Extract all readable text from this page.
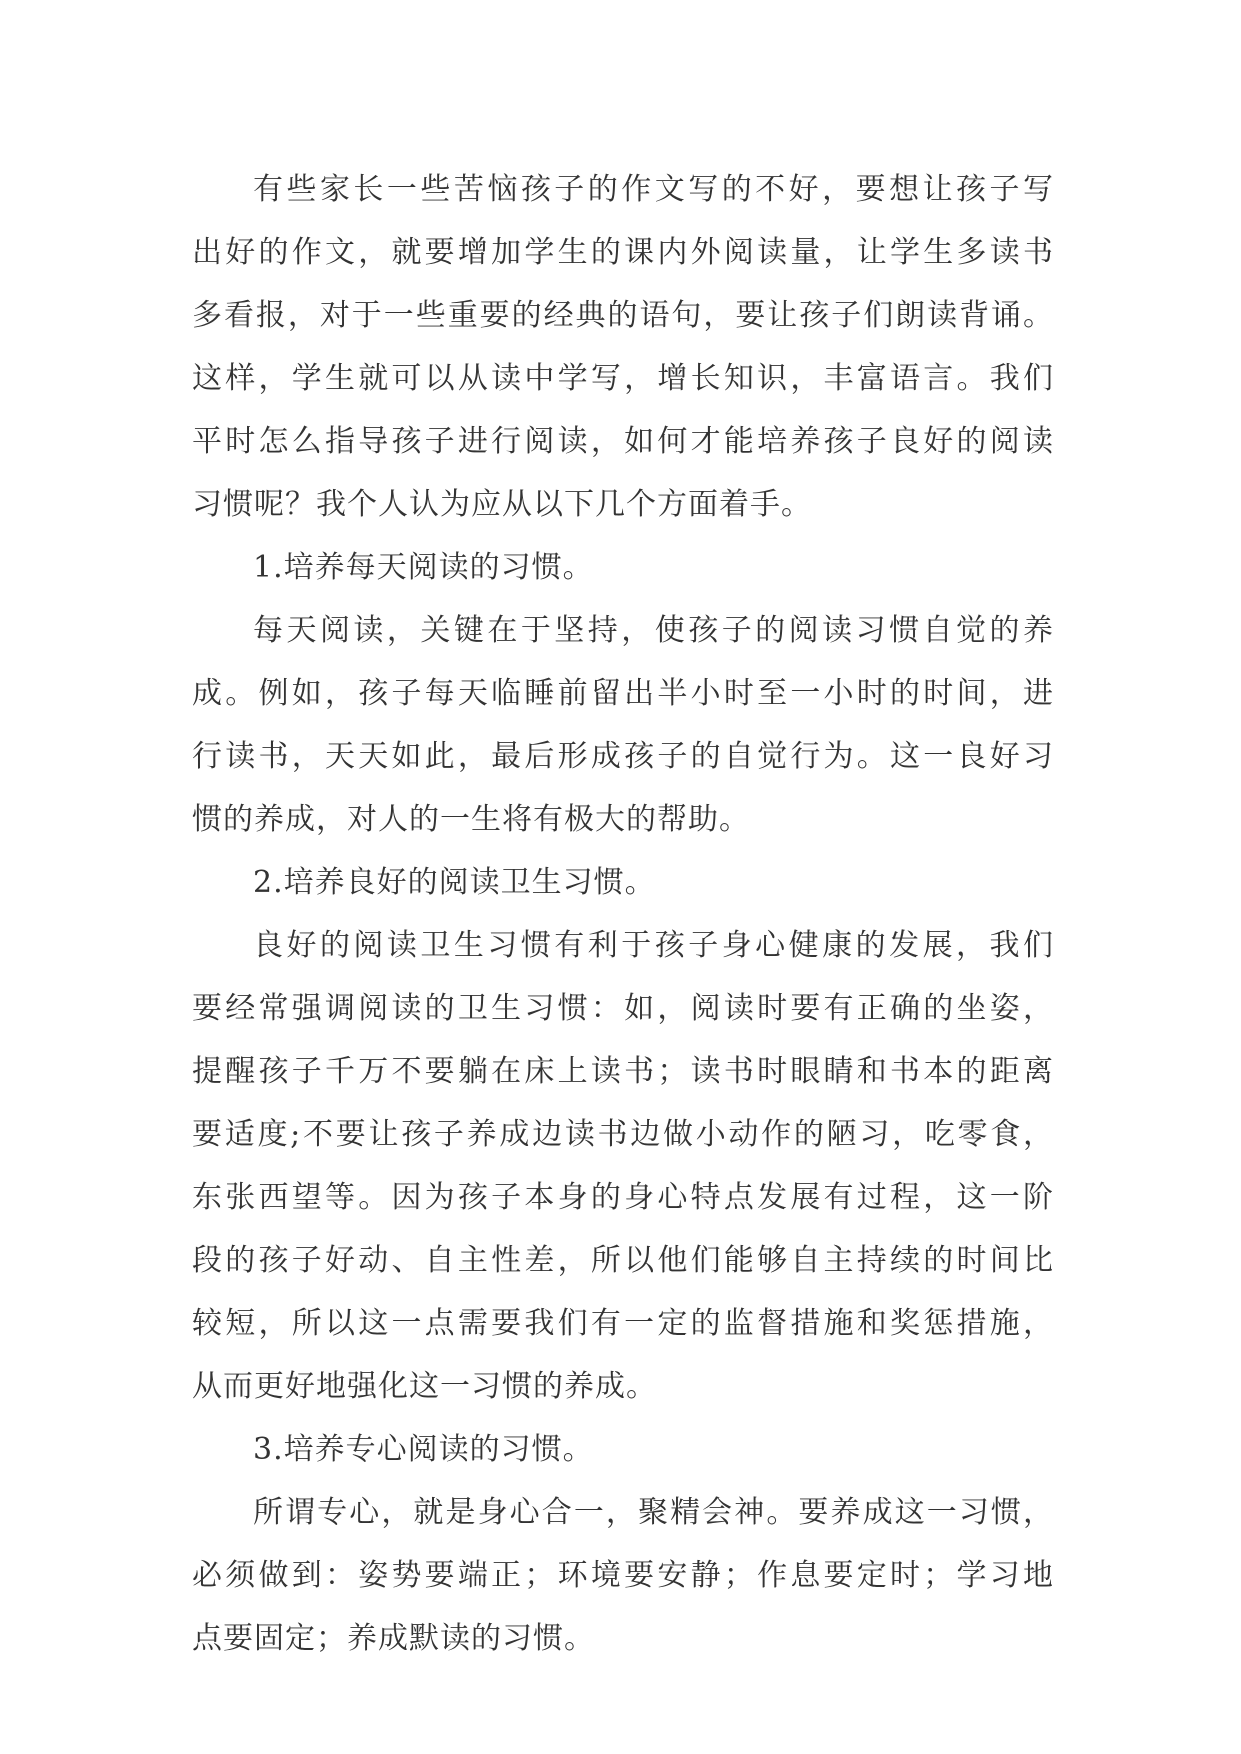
有些家长一些苦恼孩子的作文写的不好，要想让孩子写
出好的作文，就要增加学生的课内外阅读量，让学生多读书
多看报，对于一些重要的经典的语句，要让孩子们朗读背诵。
这样，学生就可以从读中学写，增长知识，丰富语言。我们
平时怎么指导孩子进行阅读，如何才能培养孩子良好的阅读
习惯呢？我个人认为应从以下几个方面着手。
1.培养每天阅读的习惯。
每天阅读，关键在于坚持，使孩子的阅读习惯自觉的养
成。例如，孩子每天临睡前留出半小时至一小时的时间，进
行读书，天天如此，最后形成孩子的自觉行为。这一良好习
惯的养成，对人的一生将有极大的帮助。
2.培养良好的阅读卫生习惯。
良好的阅读卫生习惯有利于孩子身心健康的发展，我们
要经常强调阅读的卫生习惯：如，阅读时要有正确的坐姿，
提醒孩子千万不要躺在床上读书；读书时眼睛和书本的距离
要适度;不要让孩子养成边读书边做小动作的陋习，吃零食，
东张西望等。因为孩子本身的身心特点发展有过程，这一阶
段的孩子好动、自主性差，所以他们能够自主持续的时间比
较短，所以这一点需要我们有一定的监督措施和奖惩措施，
从而更好地强化这一习惯的养成。
3.培养专心阅读的习惯。
所谓专心，就是身心合一，聚精会神。要养成这一习惯，
必须做到：姿势要端正；环境要安静；作息要定时；学习地
点要固定；养成默读的习惯。
